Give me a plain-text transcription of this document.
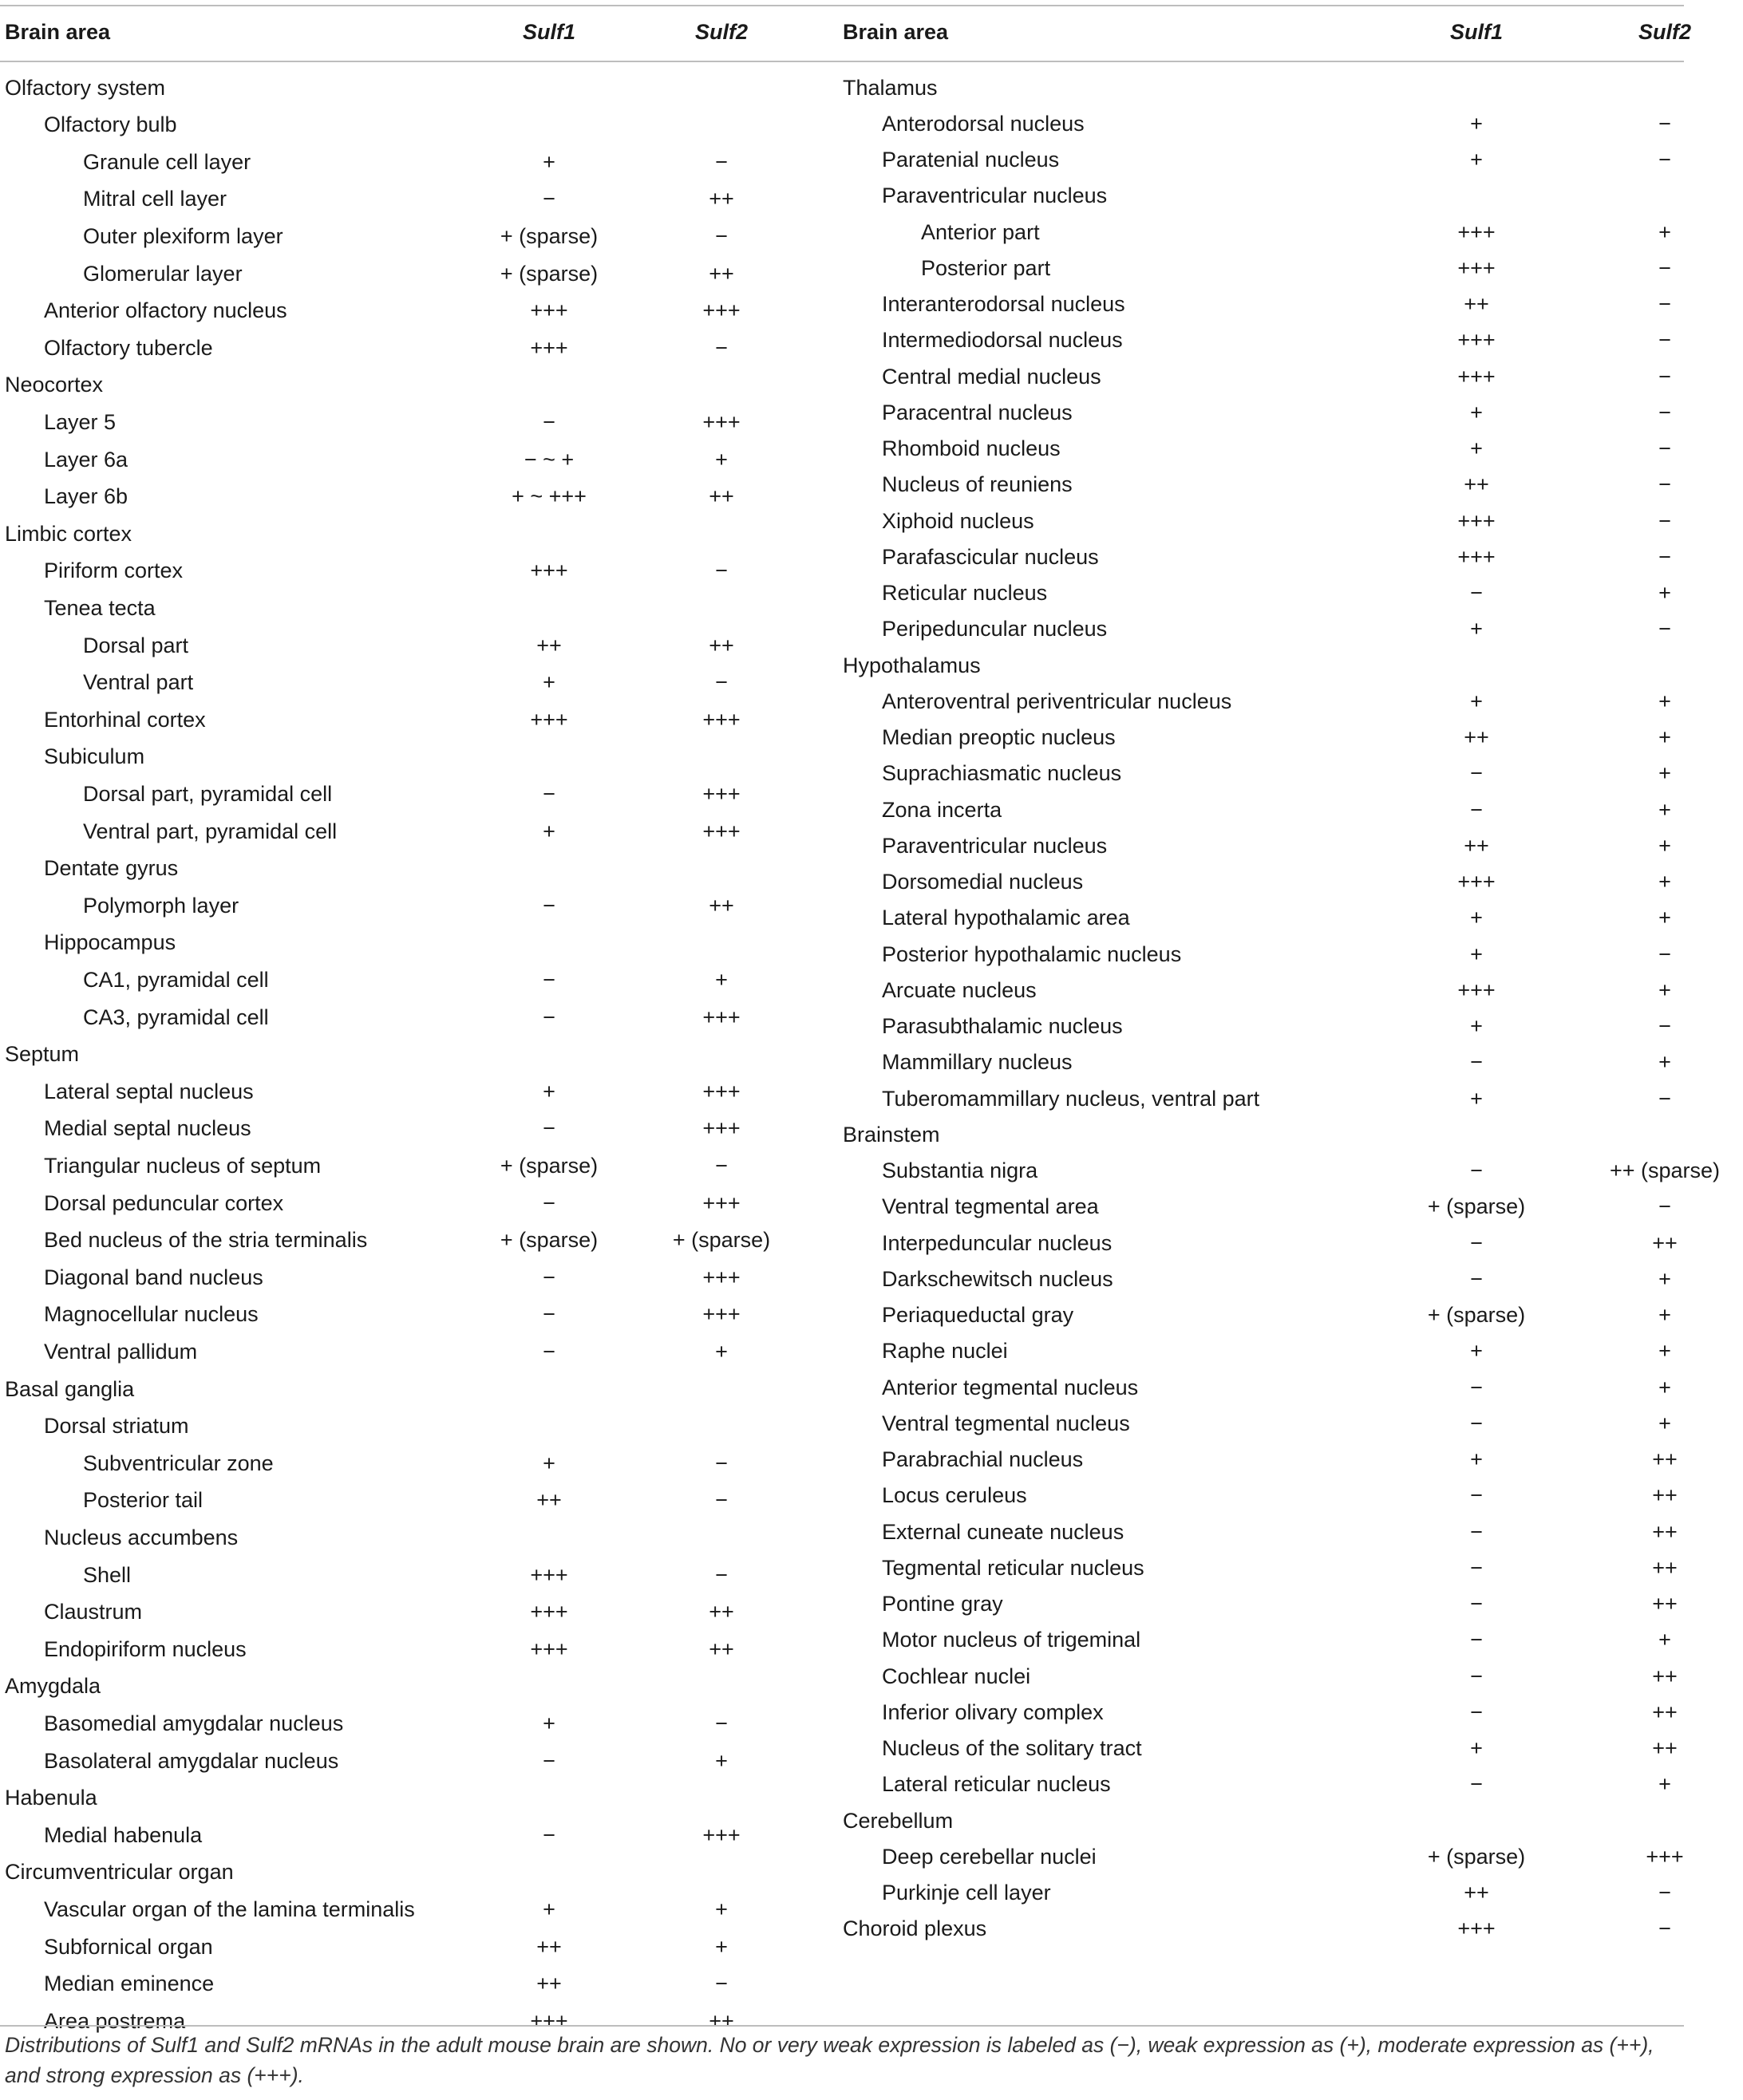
Brain area	Sulf1	Sulf2
Olfactory system
Olfactory bulb
Granule cell layer	+	−
Mitral cell layer	−	++
Outer plexiform layer	+ (sparse)	−
Glomerular layer	+ (sparse)	++
Anterior olfactory nucleus	+++	+++
Olfactory tubercle	+++	−
Neocortex
Layer 5	−	+++
Layer 6a	− ~ +	+
Layer 6b	+ ~ +++	++
Limbic cortex
Piriform cortex	+++	−
Tenea tecta
Dorsal part	++	++
Ventral part	+	−
Entorhinal cortex	+++	+++
Subiculum
Dorsal part, pyramidal cell	−	+++
Ventral part, pyramidal cell	+	+++
Dentate gyrus
Polymorph layer	−	++
Hippocampus
CA1, pyramidal cell	−	+
CA3, pyramidal cell	−	+++
Septum
Lateral septal nucleus	+	+++
Medial septal nucleus	−	+++
Triangular nucleus of septum	+ (sparse)	−
Dorsal peduncular cortex	−	+++
Bed nucleus of the stria terminalis	+ (sparse)	+ (sparse)
Diagonal band nucleus	−	+++
Magnocellular nucleus	−	+++
Ventral pallidum	−	+
Basal ganglia
Dorsal striatum
Subventricular zone	+	−
Posterior tail	++	−
Nucleus accumbens
Shell	+++	−
Claustrum	+++	++
Endopiriform nucleus	+++	++
Amygdala
Basomedial amygdalar nucleus	+	−
Basolateral amygdalar nucleus	−	+
Habenula
Medial habenula	−	+++
Circumventricular organ
Vascular organ of the lamina terminalis	+	+
Subfornical organ	++	+
Median eminence	++	−
Area postrema	+++	++
Brain area	Sulf1	Sulf2
Thalamus
Anterodorsal nucleus	+	−
Paratenial nucleus	+	−
Paraventricular nucleus
Anterior part	+++	+
Posterior part	+++	−
Interanterodorsal nucleus	++	−
Intermediodorsal nucleus	+++	−
Central medial nucleus	+++	−
Paracentral nucleus	+	−
Rhomboid nucleus	+	−
Nucleus of reuniens	++	−
Xiphoid nucleus	+++	−
Parafascicular nucleus	+++	−
Reticular nucleus	−	+
Peripeduncular nucleus	+	−
Hypothalamus
Anteroventral periventricular nucleus	+	+
Median preoptic nucleus	++	+
Suprachiasmatic nucleus	−	+
Zona incerta	−	+
Paraventricular nucleus	++	+
Dorsomedial nucleus	+++	+
Lateral hypothalamic area	+	+
Posterior hypothalamic nucleus	+	−
Arcuate nucleus	+++	+
Parasubthalamic nucleus	+	−
Mammillary nucleus	−	+
Tuberomammillary nucleus, ventral part	+	−
Brainstem
Substantia nigra	−	++ (sparse)
Ventral tegmental area	+ (sparse)	−
Interpeduncular nucleus	−	++
Darkschewitsch nucleus	−	+
Periaqueductal gray	+ (sparse)	+
Raphe nuclei	+	+
Anterior tegmental nucleus	−	+
Ventral tegmental nucleus	−	+
Parabrachial nucleus	+	++
Locus ceruleus	−	++
External cuneate nucleus	−	++
Tegmental reticular nucleus	−	++
Pontine gray	−	++
Motor nucleus of trigeminal	−	+
Cochlear nuclei	−	++
Inferior olivary complex	−	++
Nucleus of the solitary tract	+	++
Lateral reticular nucleus	−	+
Cerebellum
Deep cerebellar nuclei	+ (sparse)	+++
Purkinje cell layer	++	−
Choroid plexus	+++	−
Distributions of Sulf1 and Sulf2 mRNAs in the adult mouse brain are shown. No or very weak expression is labeled as (−), weak expression as (+), moderate expression as (++), and strong expression as (+++).
